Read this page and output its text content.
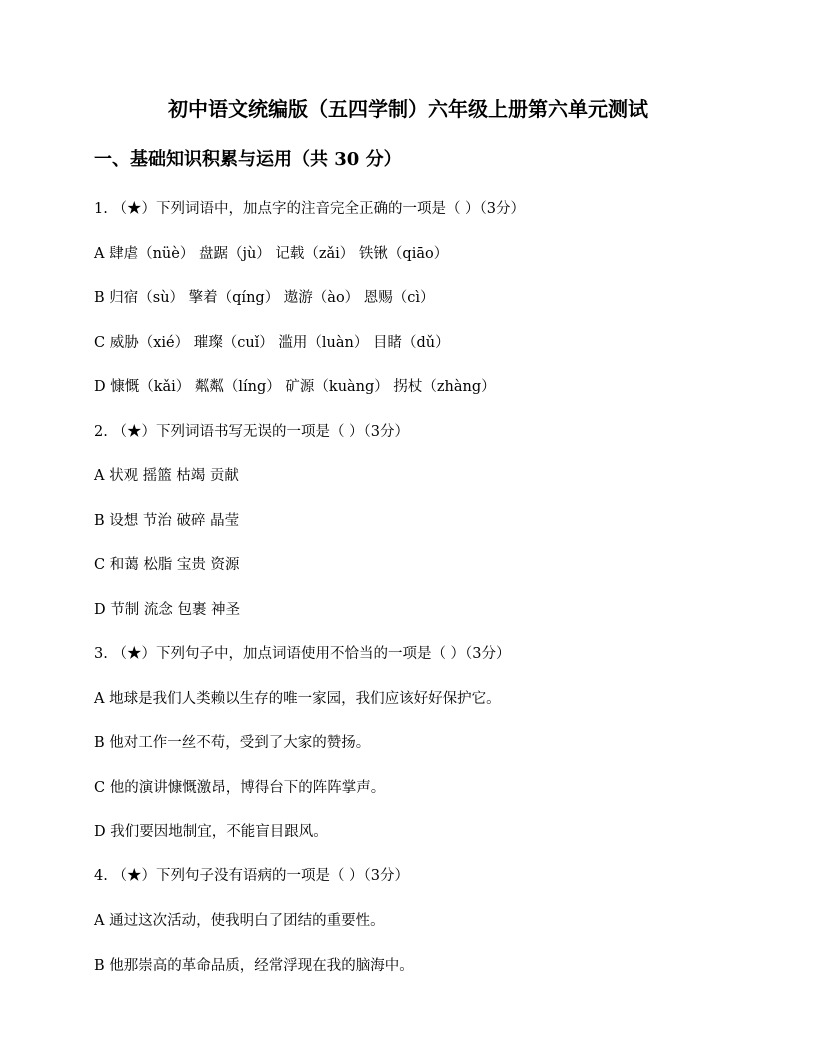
初中语文统编版（五四学制）六年级上册第六单元测试
一、基础知识积累与运用（共 30 分）
1. （★）下列词语中，加点字的注音完全正确的一项是（ ）（3分）
A 肆虐（nüè） 盘踞（jù） 记载（zǎi） 铁锹（qiāo）
B 归宿（sù） 擎着（qíng） 遨游（ào） 恩赐（cì）
C 威胁（xié） 璀璨（cuǐ） 滥用（luàn） 目睹（dǔ）
D 慷慨（kǎi） 粼粼（líng） 矿源（kuàng） 拐杖（zhàng）
2. （★）下列词语书写无误的一项是（ ）（3分）
A 状观 摇篮 枯竭 贡献
B 设想 节治 破碎 晶莹
C 和蔼 松脂 宝贵 资源
D 节制 流念 包裹 神圣
3. （★）下列句子中，加点词语使用不恰当的一项是（ ）（3分）
A 地球是我们人类赖以生存的唯一家园，我们应该好好保护它。
B 他对工作一丝不苟，受到了大家的赞扬。
C 他的演讲慷慨激昂，博得台下的阵阵掌声。
D 我们要因地制宜，不能盲目跟风。
4. （★）下列句子没有语病的一项是（ ）（3分）
A 通过这次活动，使我明白了团结的重要性。
B 他那崇高的革命品质，经常浮现在我的脑海中。
